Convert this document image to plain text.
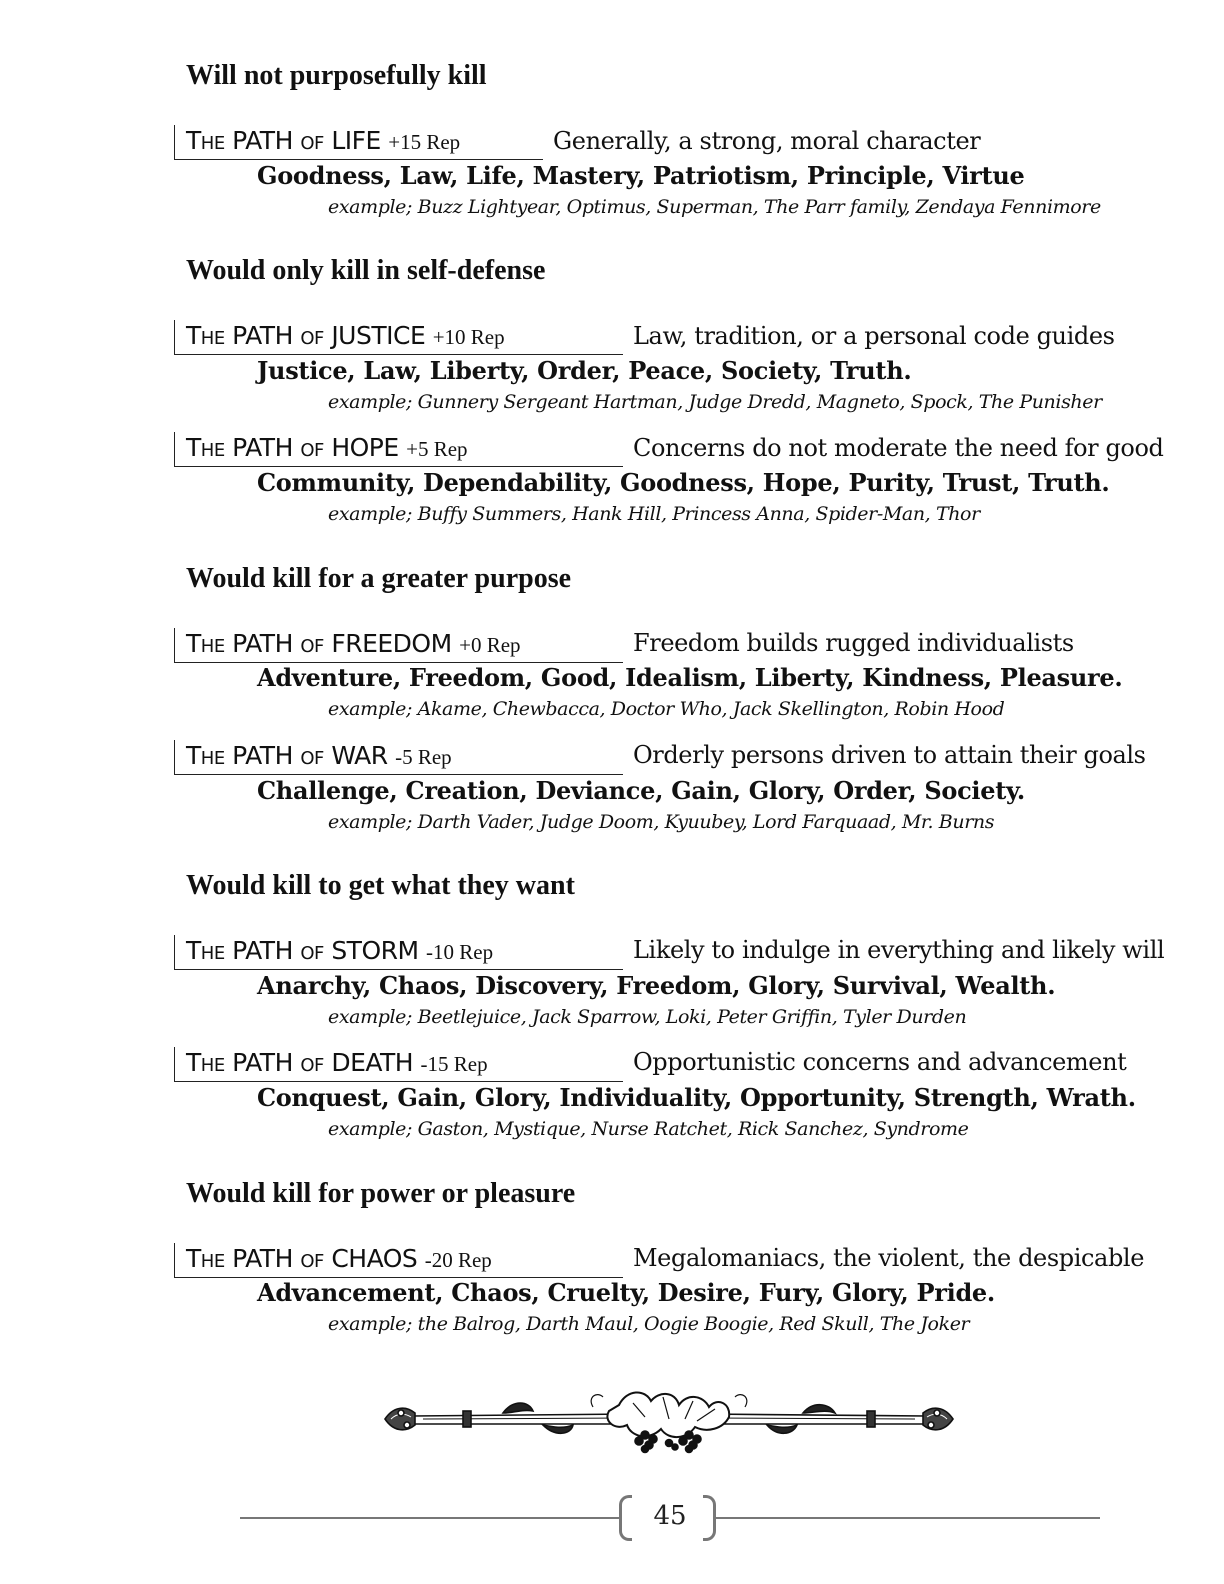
Will not purposefully kill
Would only kill in self-defense
Would kill for a greater purpose
Would kill to get what they want
Would kill for power or pleasure
THE PATH OF LIFE +15 Rep	Generally, a strong, moral character
Goodness, Law, Life, Mastery, Patriotism, Principle, Virtue
example; Buzz Lightyear, Optimus, Superman, The Parr family, Zendaya Fennimore
THE PATH OF JUSTICE +10 Rep	Law, tradition, or a personal code guides
Justice, Law, Liberty, Order, Peace, Society, Truth.
example; Gunnery Sergeant Hartman, Judge Dredd, Magneto, Spock, The Punisher
THE PATH OF HOPE +5 Rep	Concerns do not moderate the need for good
Community, Dependability, Goodness, Hope, Purity, Trust, Truth.
example; Buffy Summers, Hank Hill, Princess Anna, Spider-Man, Thor
THE PATH OF FREEDOM +0 Rep	Freedom builds rugged individualists
Adventure, Freedom, Good, Idealism, Liberty, Kindness, Pleasure.
example; Akame, Chewbacca, Doctor Who, Jack Skellington, Robin Hood
THE PATH OF WAR -5 Rep	Orderly persons driven to attain their goals
Challenge, Creation, Deviance, Gain, Glory, Order, Society.
example; Darth Vader, Judge Doom, Kyuubey, Lord Farquaad, Mr. Burns
THE PATH OF STORM -10 Rep	Likely to indulge in everything and likely will
Anarchy, Chaos, Discovery, Freedom, Glory, Survival, Wealth.
example; Beetlejuice, Jack Sparrow, Loki, Peter Griffin, Tyler Durden
THE PATH OF DEATH -15 Rep	Opportunistic concerns and advancement
Conquest, Gain, Glory, Individuality, Opportunity, Strength, Wrath.
example; Gaston, Mystique, Nurse Ratchet, Rick Sanchez, Syndrome
THE PATH OF CHAOS -20 Rep	Megalomaniacs, the violent, the despicable
Advancement, Chaos, Cruelty, Desire, Fury, Glory, Pride.
example; the Balrog, Darth Maul, Oogie Boogie, Red Skull, The Joker
45
